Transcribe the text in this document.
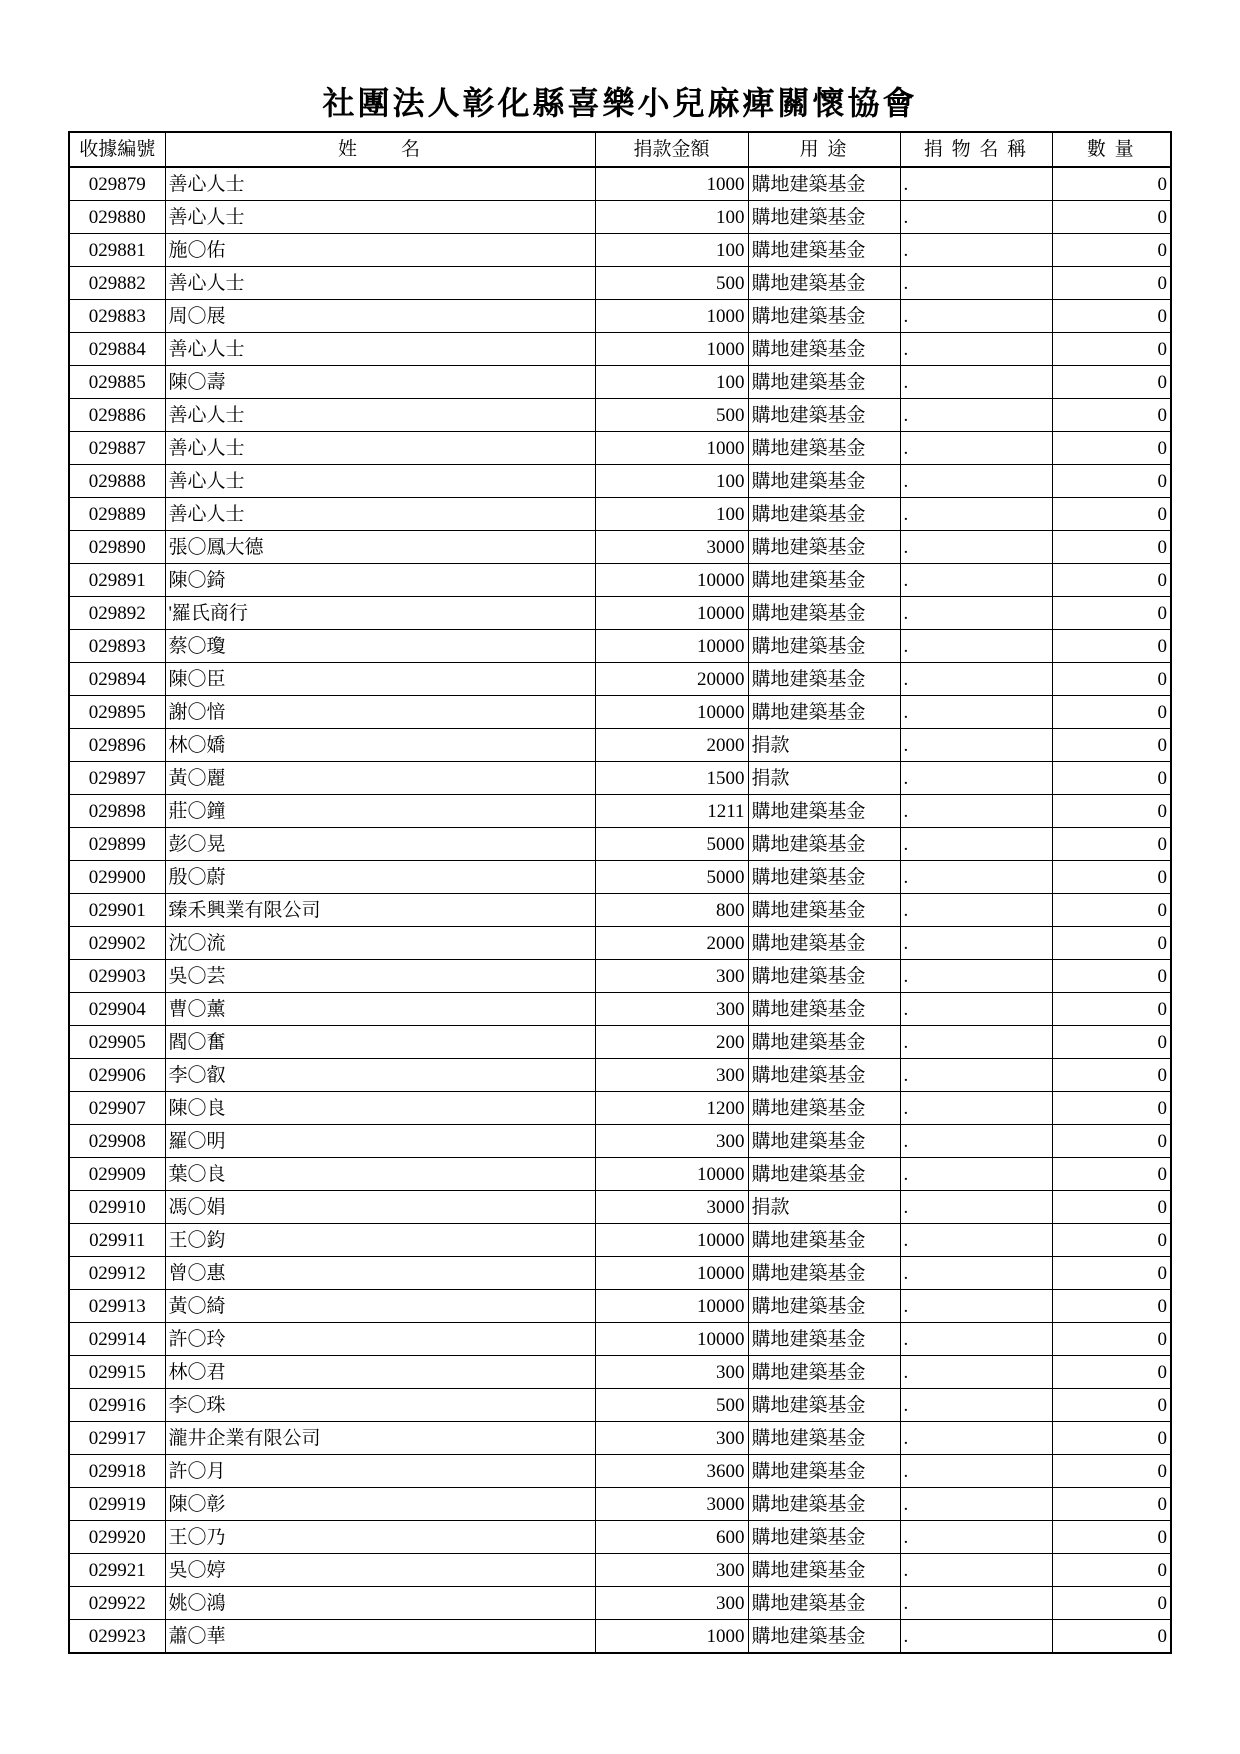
社團法人彰化縣喜樂小兒麻痺關懷協會
收據編號	姓　　名	捐款金額	用 途	捐 物 名 稱	數 量
029879	善心人士	1000	購地建築基金	.	0
029880	善心人士	100	購地建築基金	.	0
029881	施〇佑	100	購地建築基金	.	0
029882	善心人士	500	購地建築基金	.	0
029883	周〇展	1000	購地建築基金	.	0
029884	善心人士	1000	購地建築基金	.	0
029885	陳〇壽	100	購地建築基金	.	0
029886	善心人士	500	購地建築基金	.	0
029887	善心人士	1000	購地建築基金	.	0
029888	善心人士	100	購地建築基金	.	0
029889	善心人士	100	購地建築基金	.	0
029890	張〇鳳大德	3000	購地建築基金	.	0
029891	陳〇錡	10000	購地建築基金	.	0
029892	'羅氏商行	10000	購地建築基金	.	0
029893	蔡〇瓊	10000	購地建築基金	.	0
029894	陳〇臣	20000	購地建築基金	.	0
029895	謝〇愔	10000	購地建築基金	.	0
029896	林〇嬌	2000	捐款	.	0
029897	黃〇麗	1500	捐款	.	0
029898	莊〇鐘	1211	購地建築基金	.	0
029899	彭〇晃	5000	購地建築基金	.	0
029900	殷〇蔚	5000	購地建築基金	.	0
029901	臻禾興業有限公司	800	購地建築基金	.	0
029902	沈〇流	2000	購地建築基金	.	0
029903	吳〇芸	300	購地建築基金	.	0
029904	曹〇薰	300	購地建築基金	.	0
029905	閻〇奮	200	購地建築基金	.	0
029906	李〇叡	300	購地建築基金	.	0
029907	陳〇良	1200	購地建築基金	.	0
029908	羅〇明	300	購地建築基金	.	0
029909	葉〇良	10000	購地建築基金	.	0
029910	馮〇娟	3000	捐款	.	0
029911	王〇鈞	10000	購地建築基金	.	0
029912	曾〇惠	10000	購地建築基金	.	0
029913	黃〇綺	10000	購地建築基金	.	0
029914	許〇玲	10000	購地建築基金	.	0
029915	林〇君	300	購地建築基金	.	0
029916	李〇珠	500	購地建築基金	.	0
029917	瀧井企業有限公司	300	購地建築基金	.	0
029918	許〇月	3600	購地建築基金	.	0
029919	陳〇彰	3000	購地建築基金	.	0
029920	王〇乃	600	購地建築基金	.	0
029921	吳〇婷	300	購地建築基金	.	0
029922	姚〇鴻	300	購地建築基金	.	0
029923	蕭〇華	1000	購地建築基金	.	0
